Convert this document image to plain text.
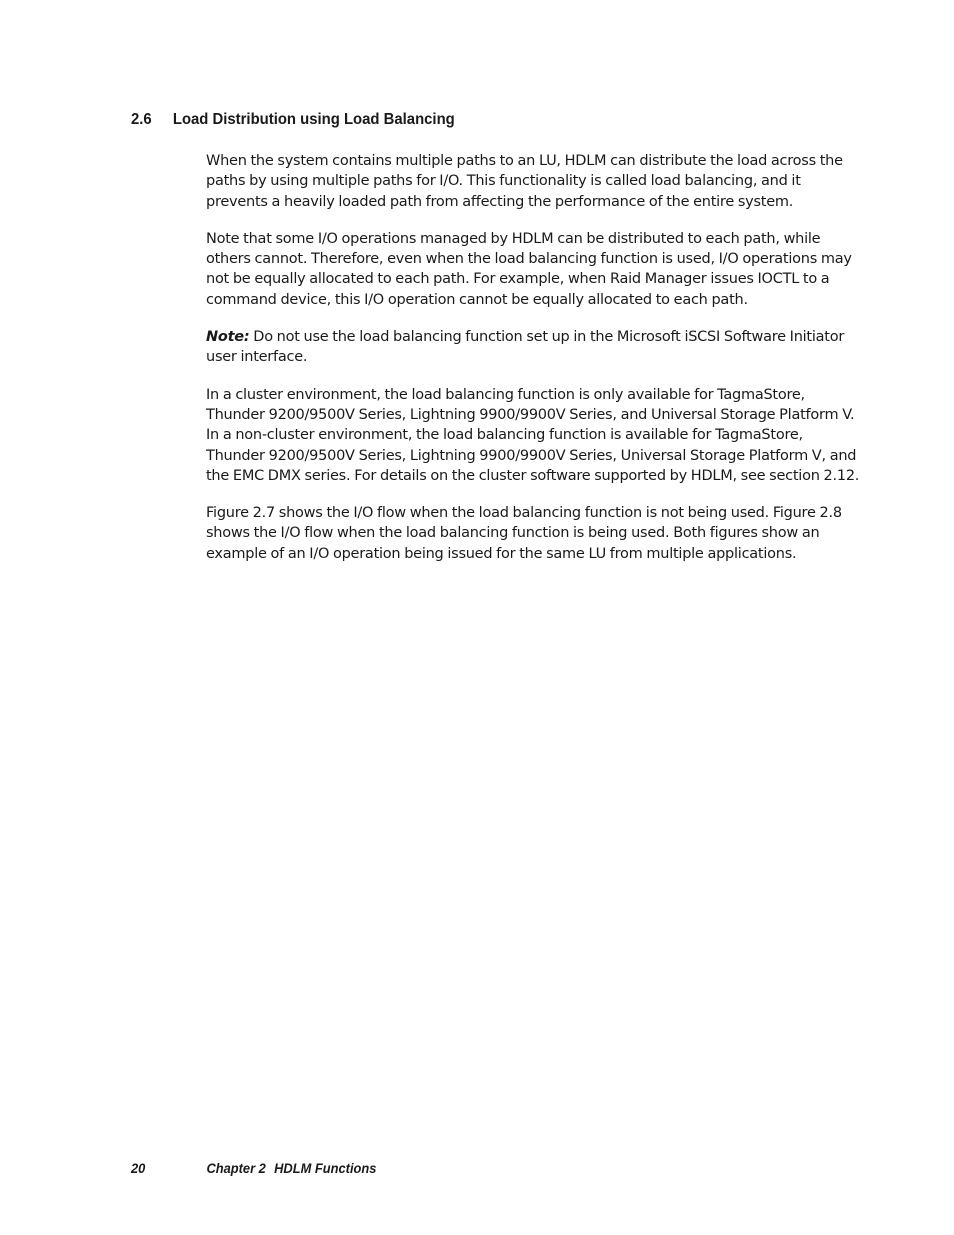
2.6 Load Distribution using Load Balancing

When the system contains multiple paths to an LU, HDLM can distribute the load across the paths by using multiple paths for I/O. This functionality is called load balancing, and it prevents a heavily loaded path from affecting the performance of the entire system.

Note that some I/O operations managed by HDLM can be distributed to each path, while others cannot. Therefore, even when the load balancing function is used, I/O operations may not be equally allocated to each path. For example, when Raid Manager issues IOCTL to a command device, this I/O operation cannot be equally allocated to each path.

Note: Do not use the load balancing function set up in the Microsoft iSCSI Software Initiator user interface.

In a cluster environment, the load balancing function is only available for TagmaStore, Thunder 9200/9500V Series, Lightning 9900/9900V Series, and Universal Storage Platform V. In a non-cluster environment, the load balancing function is available for TagmaStore, Thunder 9200/9500V Series, Lightning 9900/9900V Series, Universal Storage Platform V, and the EMC DMX series. For details on the cluster software supported by HDLM, see section 2.12.

Figure 2.7 shows the I/O flow when the load balancing function is not being used. Figure 2.8 shows the I/O flow when the load balancing function is being used. Both figures show an example of an I/O operation being issued for the same LU from multiple applications.

20	Chapter 2 HDLM Functions
